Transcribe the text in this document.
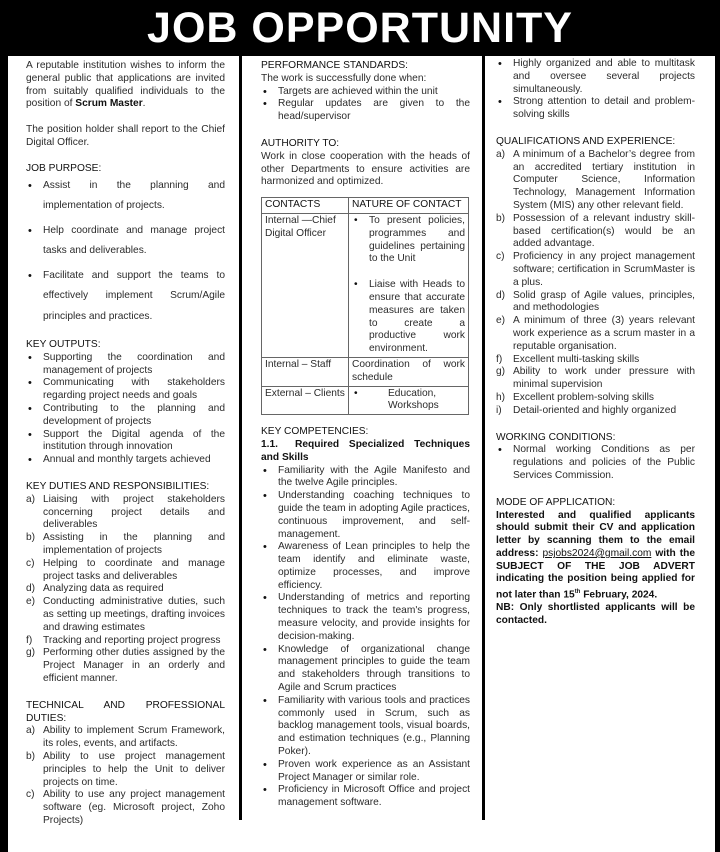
JOB OPPORTUNITY

A reputable institution wishes to inform the general public that applications are invited from suitably qualified individuals to the position of Scrum Master.

The position holder shall report to the Chief Digital Officer.

JOB PURPOSE:

• Assist in the planning and implementation of projects.
• Help coordinate and manage project tasks and deliverables.
• Facilitate and support the teams to effectively implement Scrum/Agile principles and practices.

KEY OUTPUTS:

• Supporting the coordination and management of projects
• Communicating with stakeholders regarding project needs and goals
• Contributing to the planning and development of projects
• Support the Digital agenda of the institution through innovation
• Annual and monthly targets achieved

KEY DUTIES AND RESPONSIBILITIES:

a) Liaising with project stakeholders concerning project details and deliverables
b) Assisting in the planning and implementation of projects
c) Helping to coordinate and manage project tasks and deliverables
d) Analyzing data as required
e) Conducting administrative duties, such as setting up meetings, drafting invoices and drawing estimates
f) Tracking and reporting project progress
g) Performing other duties assigned by the Project Manager in an orderly and efficient manner.

TECHNICAL AND PROFESSIONAL DUTIES:

a) Ability to implement Scrum Framework, its roles, events, and artifacts.
b) Ability to use project management principles to help the Unit to deliver projects on time.
c) Ability to use any project management software (eg. Microsoft project, Zoho Projects)

PERFORMANCE STANDARDS:

The work is successfully done when:

• Targets are achieved within the unit
• Regular updates are given to the head/supervisor

AUTHORITY TO:

Work in close cooperation with the heads of other Departments to ensure activities are harmonized and optimized.

CONTACTS	NATURE OF CONTACT
Internal —Chief Digital Officer	• To present policies, programmes and guidelines pertaining to the Unit
• Liaise with Heads to ensure that accurate measures are taken to create a productive work environment.

Internal – Staff	Coordination of work schedule
External – Clients	• Education, Workshops

KEY COMPETENCIES:

1.1. Required Specialized Techniques and Skills

• Familiarity with the Agile Manifesto and the twelve Agile principles.
• Understanding coaching techniques to guide the team in adopting Agile practices, continuous improvement, and self-management.
• Awareness of Lean principles to help the team identify and eliminate waste, optimize processes, and improve efficiency.
• Understanding of metrics and reporting techniques to track the team's progress, measure velocity, and provide insights for decision-making.
• Knowledge of organizational change management principles to guide the team and stakeholders through transitions to Agile and Scrum practices
• Familiarity with various tools and practices commonly used in Scrum, such as backlog management tools, visual boards, and estimation techniques (e.g., Planning Poker).
• Proven work experience as an Assistant Project Manager or similar role.
• Proficiency in Microsoft Office and project management software.
• Highly organized and able to multitask and oversee several projects simultaneously.
• Strong attention to detail and problem-solving skills

QUALIFICATIONS AND EXPERIENCE:

a) A minimum of a Bachelor’s degree from an accredited tertiary institution in Computer Science, Information Technology, Management Information System (MIS) any other relevant field.
b) Possession of a relevant industry skill-based certification(s) would be an added advantage.
c) Proficiency in any project management software; certification in ScrumMaster is a plus.
d) Solid grasp of Agile values, principles, and methodologies
e) A minimum of three (3) years relevant work experience as a scrum master in a reputable organisation.
f) Excellent multi-tasking skills
g) Ability to work under pressure with minimal supervision
h) Excellent problem-solving skills
i) Detail-oriented and highly organized

WORKING CONDITIONS:

• Normal working Conditions as per regulations and policies of the Public Services Commission.

MODE OF APPLICATION:

Interested and qualified applicants should submit their CV and application letter by scanning them to the email address: psjobs2024@gmail.com with the SUBJECT OF THE JOB ADVERT indicating the position being applied for not later than 15th February, 2024.

NB: Only shortlisted applicants will be contacted.
